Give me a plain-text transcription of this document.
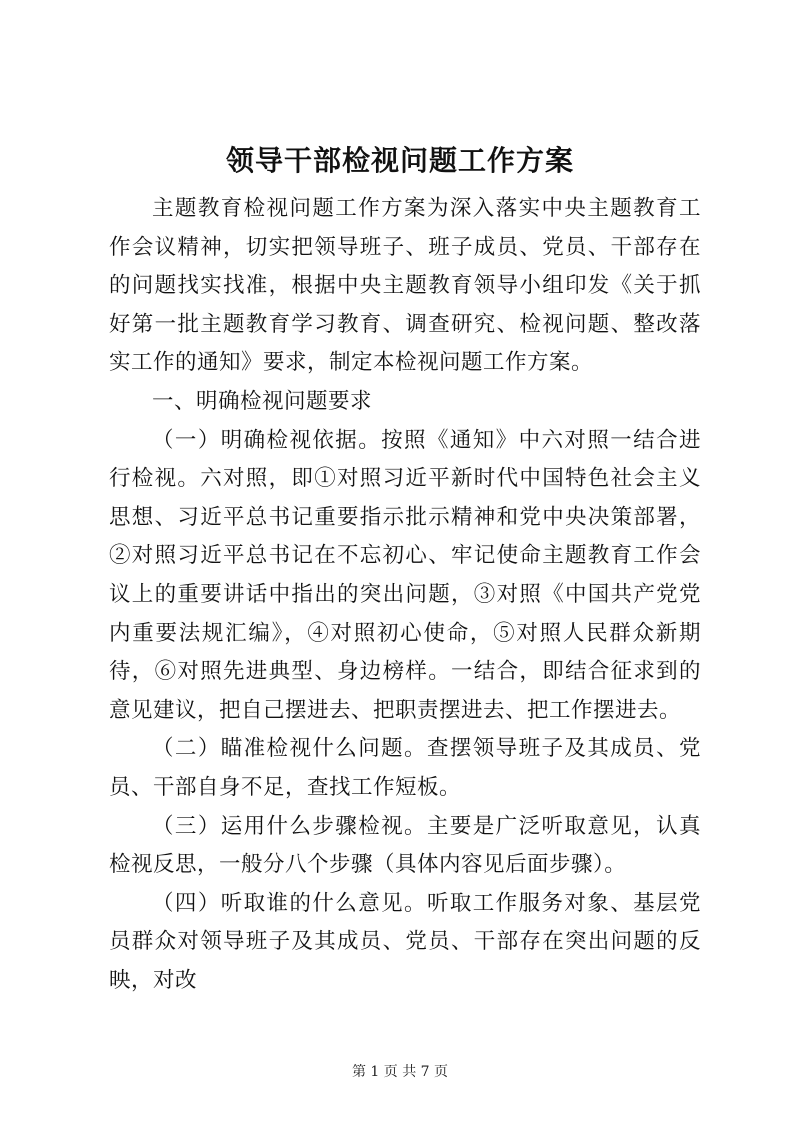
领导干部检视问题工作方案

主题教育检视问题工作方案为深入落实中央主题教育工作会议精神，切实把领导班子、班子成员、党员、干部存在的问题找实找准，根据中央主题教育领导小组印发《关于抓好第一批主题教育学习教育、调查研究、检视问题、整改落实工作的通知》要求，制定本检视问题工作方案。

一、明确检视问题要求

（一）明确检视依据。按照《通知》中六对照一结合进行检视。六对照，即①对照习近平新时代中国特色社会主义思想、习近平总书记重要指示批示精神和党中央决策部署，②对照习近平总书记在不忘初心、牢记使命主题教育工作会议上的重要讲话中指出的突出问题，③对照《中国共产党党内重要法规汇编》，④对照初心使命，⑤对照人民群众新期待，⑥对照先进典型、身边榜样。一结合，即结合征求到的意见建议，把自己摆进去、把职责摆进去、把工作摆进去。

（二）瞄准检视什么问题。查摆领导班子及其成员、党员、干部自身不足，查找工作短板。

（三）运用什么步骤检视。主要是广泛听取意见，认真检视反思，一般分八个步骤（具体内容见后面步骤）。

（四）听取谁的什么意见。听取工作服务对象、基层党员群众对领导班子及其成员、党员、干部存在突出问题的反映，对改

第 1 页 共 7 页
